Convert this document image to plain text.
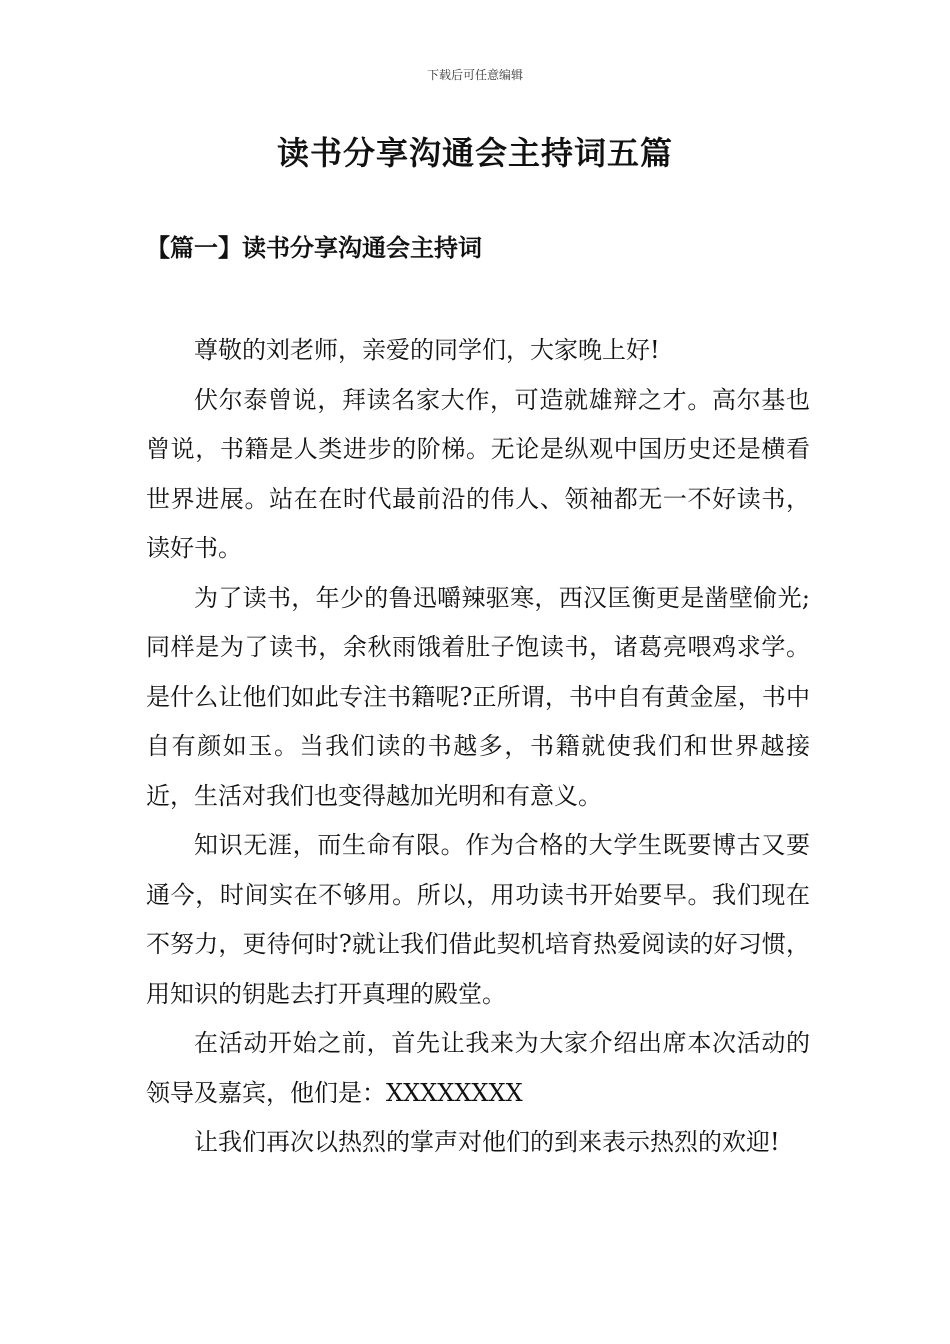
下载后可任意编辑
读书分享沟通会主持词五篇
【篇一】读书分享沟通会主持词

尊敬的刘老师，亲爱的同学们，大家晚上好!

伏尔泰曾说，拜读名家大作，可造就雄辩之才。高尔基也曾说，书籍是人类进步的阶梯。无论是纵观中国历史还是横看世界进展。站在在时代最前沿的伟人、领袖都无一不好读书，读好书。

为了读书，年少的鲁迅嚼辣驱寒，西汉匡衡更是凿壁偷光;同样是为了读书，余秋雨饿着肚子饱读书，诸葛亮喂鸡求学。是什么让他们如此专注书籍呢?正所谓，书中自有黄金屋，书中自有颜如玉。当我们读的书越多，书籍就使我们和世界越接近，生活对我们也变得越加光明和有意义。

知识无涯，而生命有限。作为合格的大学生既要博古又要通今，时间实在不够用。所以，用功读书开始要早。我们现在不努力，更待何时?就让我们借此契机培育热爱阅读的好习惯，用知识的钥匙去打开真理的殿堂。

在活动开始之前，首先让我来为大家介绍出席本次活动的领导及嘉宾，他们是：XXXXXXXX

让我们再次以热烈的掌声对他们的到来表示热烈的欢迎!
